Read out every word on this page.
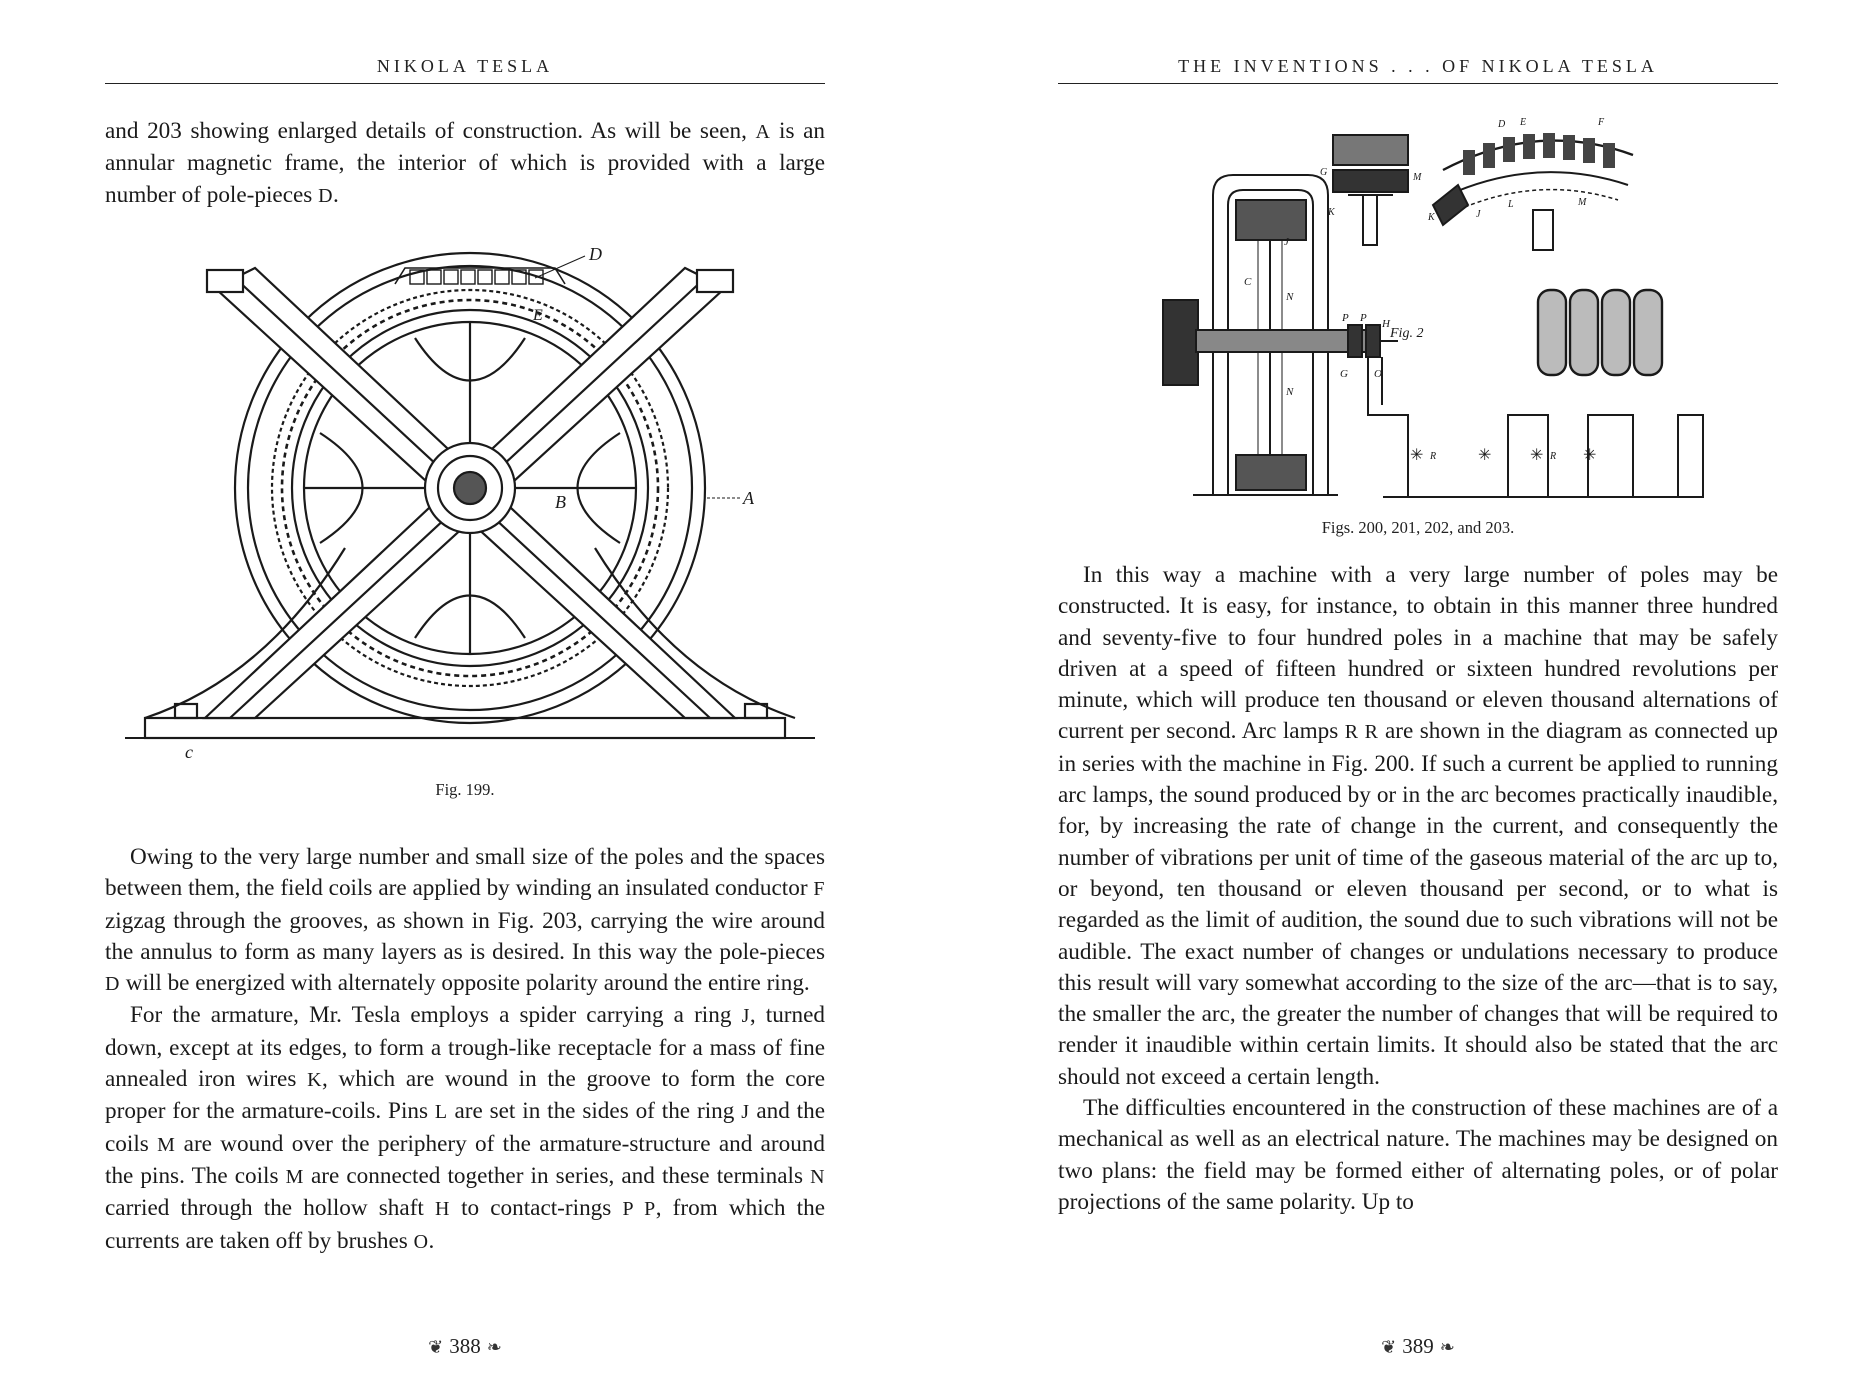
NIKOLA TESLA

and 203 showing enlarged details of construction. As will be seen, A is an annular magnetic frame, the interior of which is provided with a large number of pole-pieces D.

D
E
B	A
c
Fig. 199.

Owing to the very large number and small size of the poles and the spaces between them, the field coils are applied by winding an insulated conductor F zigzag through the grooves, as shown in Fig. 203, carrying the wire around the annulus to form as many layers as is desired. In this way the pole-pieces D will be energized with alternately opposite polarity around the entire ring.

For the armature, Mr. Tesla employs a spider carrying a ring J, turned down, except at its edges, to form a trough-like receptacle for a mass of fine annealed iron wires K, which are wound in the groove to form the core proper for the armature-coils. Pins L are set in the sides of the ring J and the coils M are wound over the periphery of the armature-structure and around the pins. The coils M are connected together in series, and these terminals N carried through the hollow shaft H to contact-rings P P, from which the currents are taken off by brushes O.

❦ 388 ❧
THE INVENTIONS . . . OF NIKOLA TESLA
Fig. 2
P P H
O
G
C
N
N
J
✳	✳ ✳ ✳
R	R
G
K
M
D E	F
K	J
L	M
Figs. 200, 201, 202, and 203.

In this way a machine with a very large number of poles may be constructed. It is easy, for instance, to obtain in this manner three hundred and seventy-five to four hundred poles in a machine that may be safely driven at a speed of fifteen hundred or sixteen hundred revolutions per minute, which will produce ten thousand or eleven thousand alternations of current per second. Arc lamps R R are shown in the diagram as connected up in series with the machine in Fig. 200. If such a current be applied to running arc lamps, the sound produced by or in the arc becomes practically inaudible, for, by increasing the rate of change in the current, and consequently the number of vibrations per unit of time of the gaseous material of the arc up to, or beyond, ten thousand or eleven thousand per second, or to what is regarded as the limit of audition, the sound due to such vibrations will not be audible. The exact number of changes or undulations necessary to produce this result will vary somewhat according to the size of the arc—that is to say, the smaller the arc, the greater the number of changes that will be required to render it inaudible within certain limits. It should also be stated that the arc should not exceed a certain length.

The difficulties encountered in the construction of these machines are of a mechanical as well as an electrical nature. The machines may be designed on two plans: the field may be formed either of alternating poles, or of polar projections of the same polarity. Up to

❦ 389 ❧
